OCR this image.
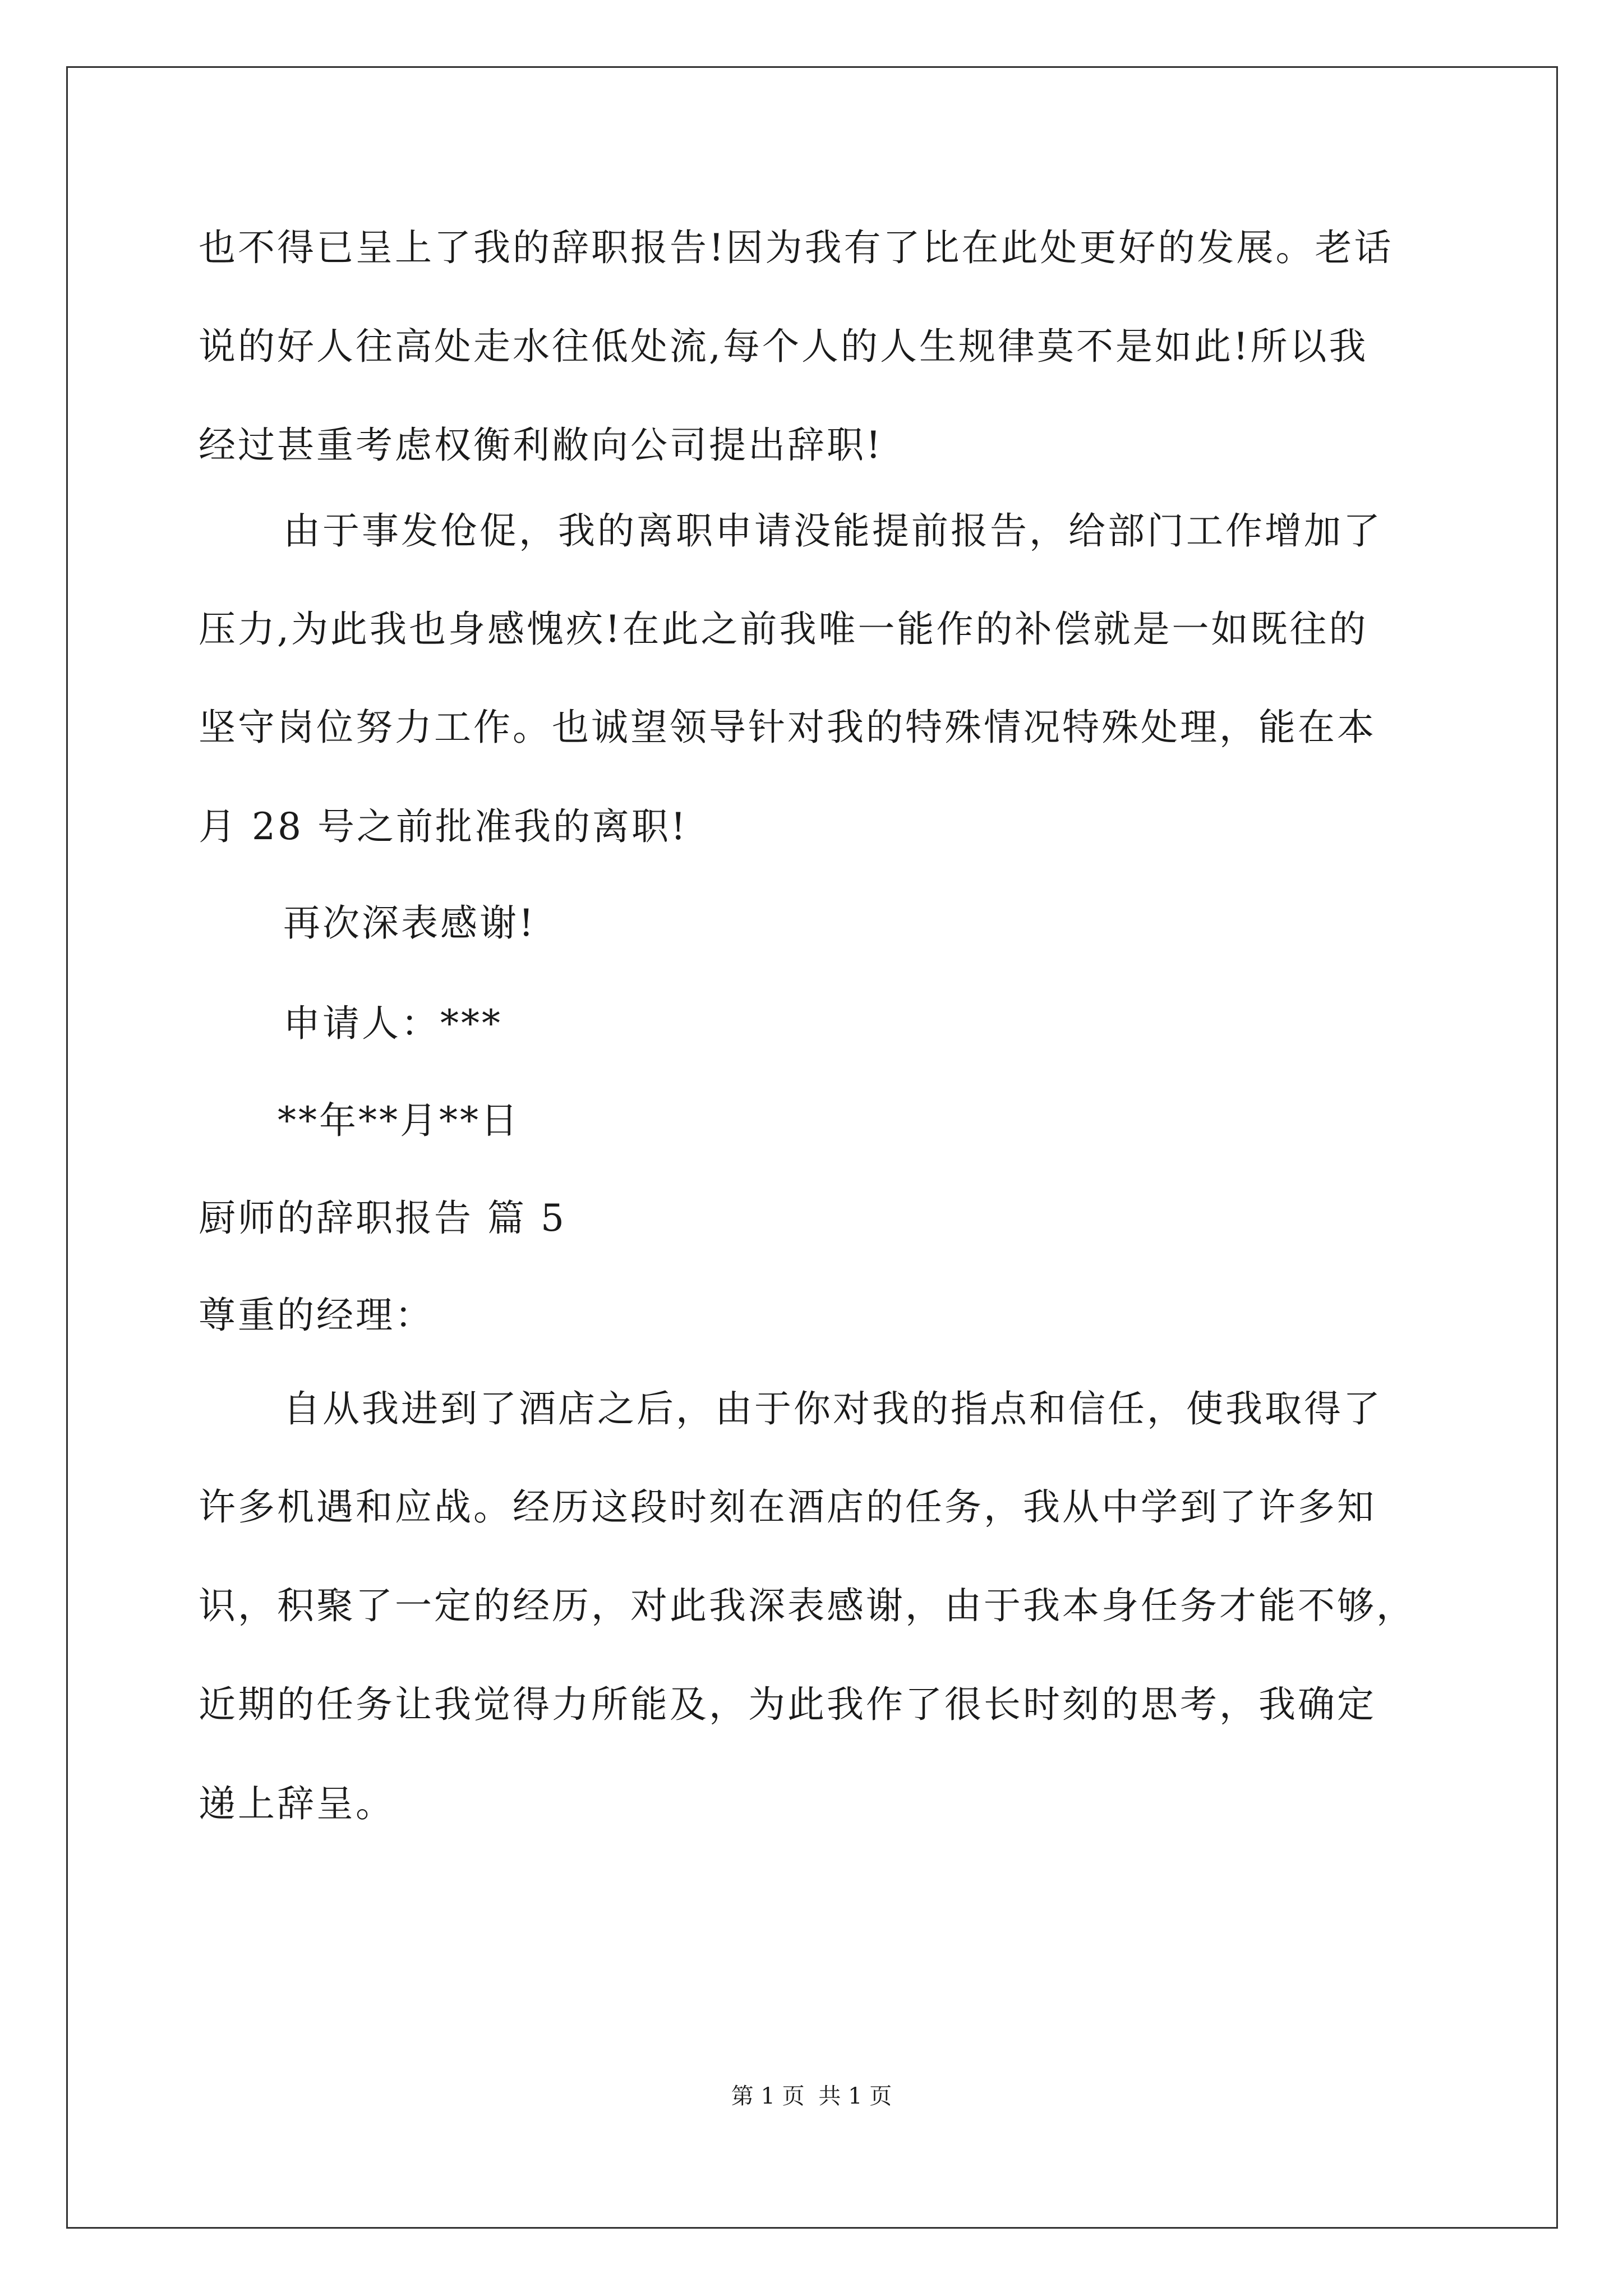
也不得已呈上了我的辞职报告!因为我有了比在此处更好的发展。老话
说的好人往高处走水往低处流,每个人的人生规律莫不是如此!所以我
经过甚重考虑权衡利敝向公司提出辞职!
由于事发伧促，我的离职申请没能提前报告，给部门工作增加了
压力,为此我也身感愧疚!在此之前我唯一能作的补偿就是一如既往的
坚守岗位努力工作。也诚望领导针对我的特殊情况特殊处理，能在本
月 28 号之前批准我的离职!
再次深表感谢!
申请人：***
**年**月**日
厨师的辞职报告 篇 5
尊重的经理：
自从我进到了酒店之后，由于你对我的指点和信任，使我取得了
许多机遇和应战。经历这段时刻在酒店的任务，我从中学到了许多知
识，积聚了一定的经历，对此我深表感谢，由于我本身任务才能不够，
近期的任务让我觉得力所能及，为此我作了很长时刻的思考，我确定
递上辞呈。
第 1 页 共 1 页
